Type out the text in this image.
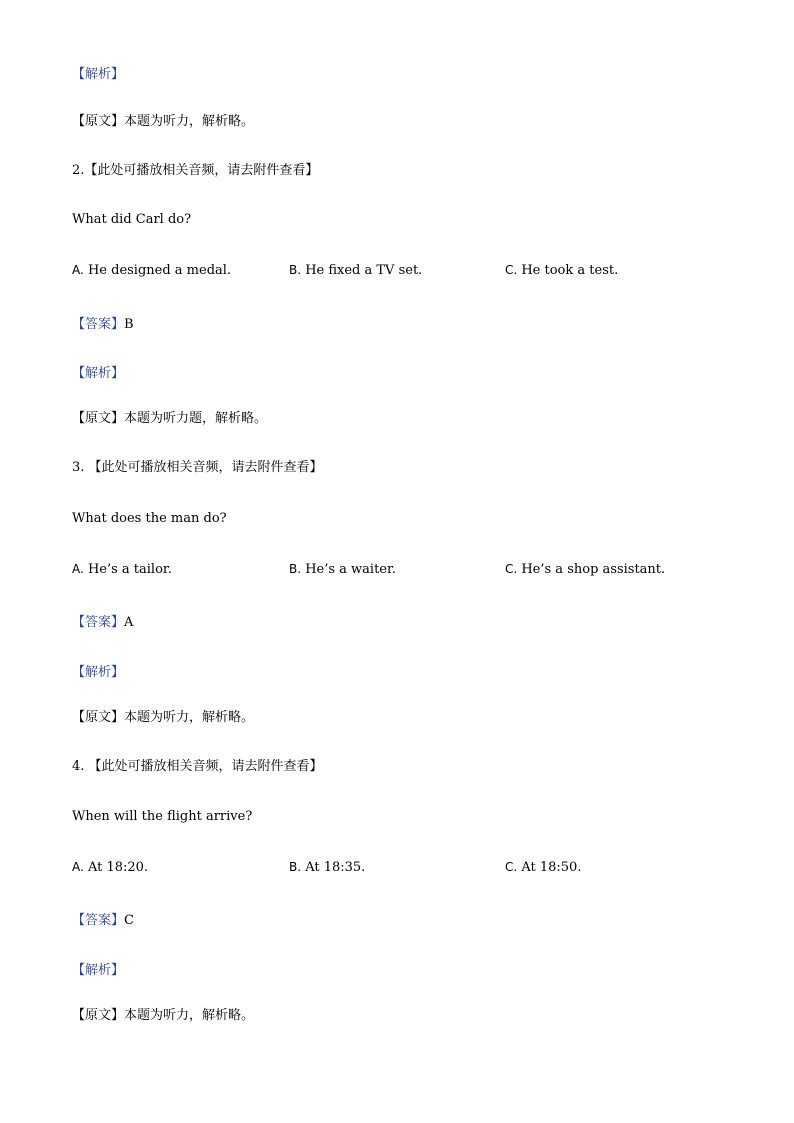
【解析】
【原文】本题为听力，解析略。
2.【此处可播放相关音频，请去附件查看】
What did Carl do?
A. He designed a medal.	B. He fixed a TV set.	C. He took a test.
【答案】B
【解析】
【原文】本题为听力题，解析略。
3. 【此处可播放相关音频，请去附件查看】
What does the man do?
A. He’s a tailor.	B. He’s a waiter.	C. He’s a shop assistant.
【答案】A
【解析】
【原文】本题为听力，解析略。
4. 【此处可播放相关音频，请去附件查看】
When will the flight arrive?
A. At 18:20.	B. At 18:35.	C. At 18:50.
【答案】C
【解析】
【原文】本题为听力，解析略。
